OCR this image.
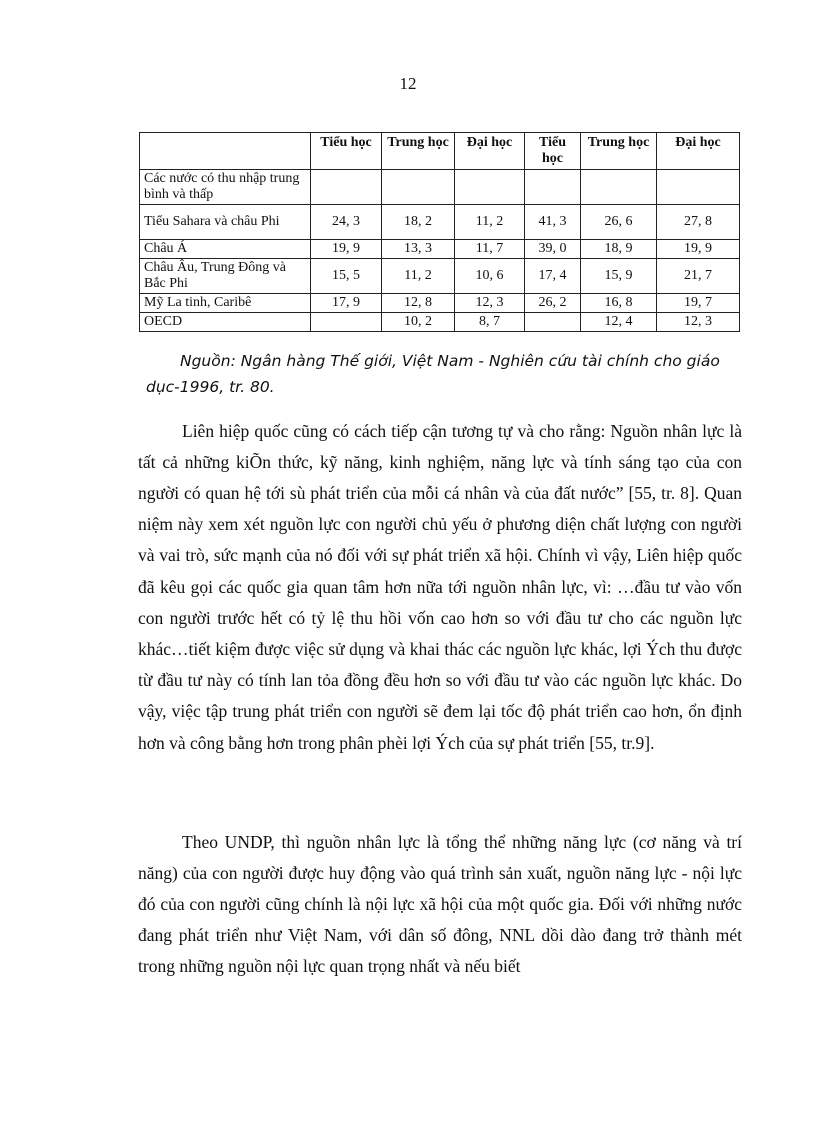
12
	Tiểu học	Trung học	Đại học	Tiểu học	Trung học	Đại học
Các nước có thu nhập trung bình và thấp						
Tiểu Sahara và châu Phi	24, 3	18, 2	11, 2	41, 3	26, 6	27, 8
Châu Á	19, 9	13, 3	11, 7	39, 0	18, 9	19, 9
Châu Âu, Trung Đông và Bắc Phi	15, 5	11, 2	10, 6	17, 4	15, 9	21, 7
Mỹ La tinh, Caribê	17, 9	12, 8	12, 3	26, 2	16, 8	19, 7
OECD		10, 2	8, 7		12, 4	12, 3
Nguồn: Ngân hàng Thế giới, Việt Nam - Nghiên cứu tài chính cho giáo dục-1996, tr. 80.

Liên hiệp quốc cũng có cách tiếp cận tương tự và cho rằng: Nguồn nhân lực là tất cả những kiÕn thức, kỹ năng, kinh nghiệm, năng lực và tính sáng tạo của con người có quan hệ tới sù phát triển của mỗi cá nhân và của đất nước” [55, tr. 8]. Quan niệm này xem xét nguồn lực con người chủ yếu ở phương diện chất lượng con người và vai trò, sức mạnh của nó đối với sự phát triển xã hội. Chính vì vậy, Liên hiệp quốc đã kêu gọi các quốc gia quan tâm hơn nữa tới nguồn nhân lực, vì: …đầu tư vào vốn con người trước hết có tỷ lệ thu hồi vốn cao hơn so với đầu tư cho các nguồn lực khác…tiết kiệm được việc sử dụng và khai thác các nguồn lực khác, lợi Ých thu được từ đầu tư này có tính lan tỏa đồng đều hơn so với đầu tư vào các nguồn lực khác. Do vậy, việc tập trung phát triển con người sẽ đem lại tốc độ phát triển cao hơn, ổn định hơn và công bằng hơn trong phân phèi lợi Ých của sự phát triển [55, tr.9].

Theo UNDP, thì nguồn nhân lực là tổng thể những năng lực (cơ năng và trí năng) của con người được huy động vào quá trình sản xuất, nguồn năng lực - nội lực đó của con người cũng chính là nội lực xã hội của một quốc gia. Đối với những nước đang phát triển như Việt Nam, với dân số đông, NNL dồi dào đang trở thành mét trong những nguồn nội lực quan trọng nhất và nếu biết
